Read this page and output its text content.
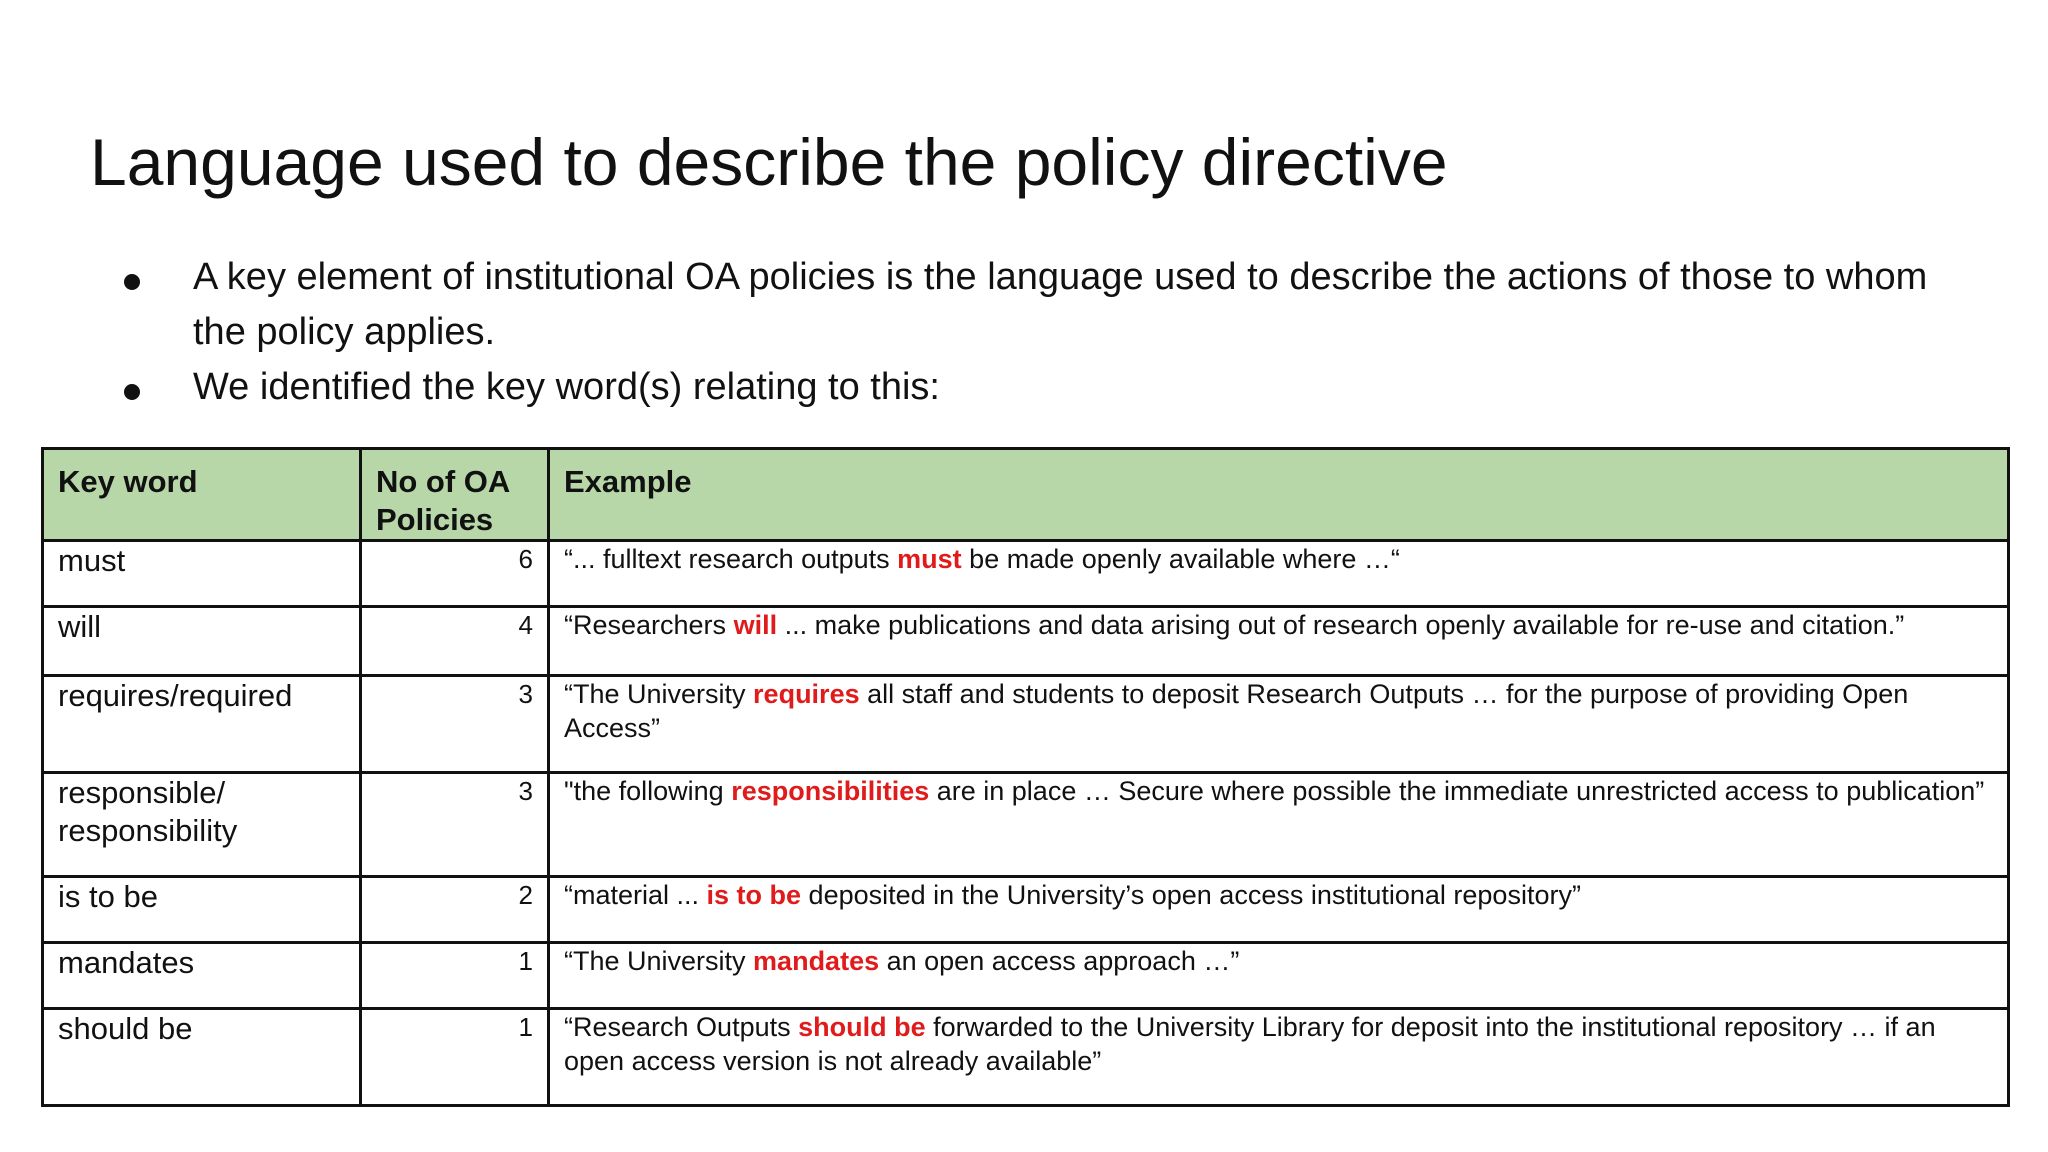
Language used to describe the policy directive
A key element of institutional OA policies is the language used to describe the actions of those to whom the policy applies.
We identified the key word(s) relating to this:
Key word	No of OA Policies	Example
must	6	“... fulltext research outputs must be made openly available where …“
will	4	“Researchers will ... make publications and data arising out of research openly available for re-use and citation.”
requires/required	3	“The University requires all staff and students to deposit Research Outputs … for the purpose of providing Open Access”
responsible/ responsibility	3	"the following responsibilities are in place … Secure where possible the immediate unrestricted access to publication”
is to be	2	“material ... is to be deposited in the University’s open access institutional repository”
mandates	1	“The University mandates an open access approach …”
should be	1	“Research Outputs should be forwarded to the University Library for deposit into the institutional repository … if an open access version is not already available”
